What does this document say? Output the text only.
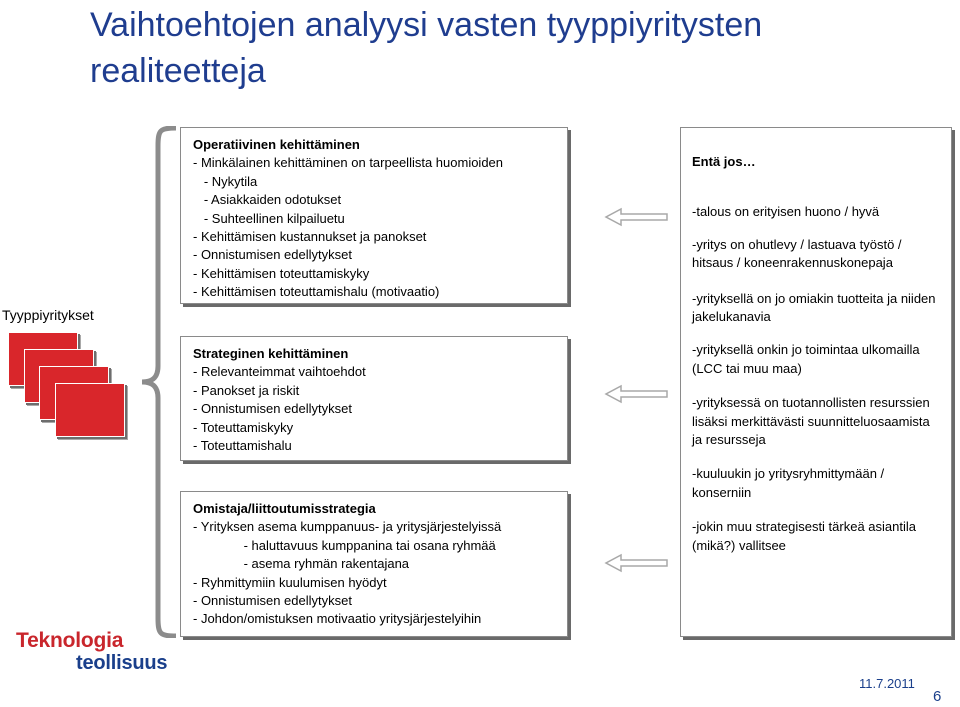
Vaihtoehtojen analyysi vasten tyyppiyritysten realiteetteja
Tyyppiyritykset
Operatiivinen kehittäminen
- Minkälainen kehittäminen on tarpeellista huomioiden
- Nykytila
- Asiakkaiden odotukset
- Suhteellinen kilpailuetu
- Kehittämisen kustannukset ja panokset
- Onnistumisen edellytykset
- Kehittämisen toteuttamiskyky
- Kehittämisen toteuttamishalu (motivaatio)
Strateginen kehittäminen
- Relevanteimmat vaihtoehdot
- Panokset ja riskit
- Onnistumisen edellytykset
- Toteuttamiskyky
- Toteuttamishalu
Omistaja/liittoutumisstrategia
- Yrityksen asema kumppanuus- ja yritysjärjestelyissä
- haluttavuus kumppanina tai osana ryhmää
- asema ryhmän rakentajana
- Ryhmittymiin kuulumisen hyödyt
- Onnistumisen edellytykset
- Johdon/omistuksen motivaatio yritysjärjestelyihin
Entä jos…
-talous on erityisen huono / hyvä
-yritys on ohutlevy / lastuava työstö / hitsaus / koneenrakennuskonepaja
-yrityksellä on jo omiakin tuotteita ja niiden jakelukanavia
-yrityksellä onkin jo toimintaa ulkomailla (LCC tai muu maa)
-yrityksessä on tuotannollisten resurssien lisäksi merkittävästi suunnitteluosaamista ja resursseja
-kuuluukin jo yritysryhmittymään / konserniin
-jokin muu strategisesti tärkeä asiantila (mikä?) vallitsee
Teknologia
teollisuus
11.7.2011
6
